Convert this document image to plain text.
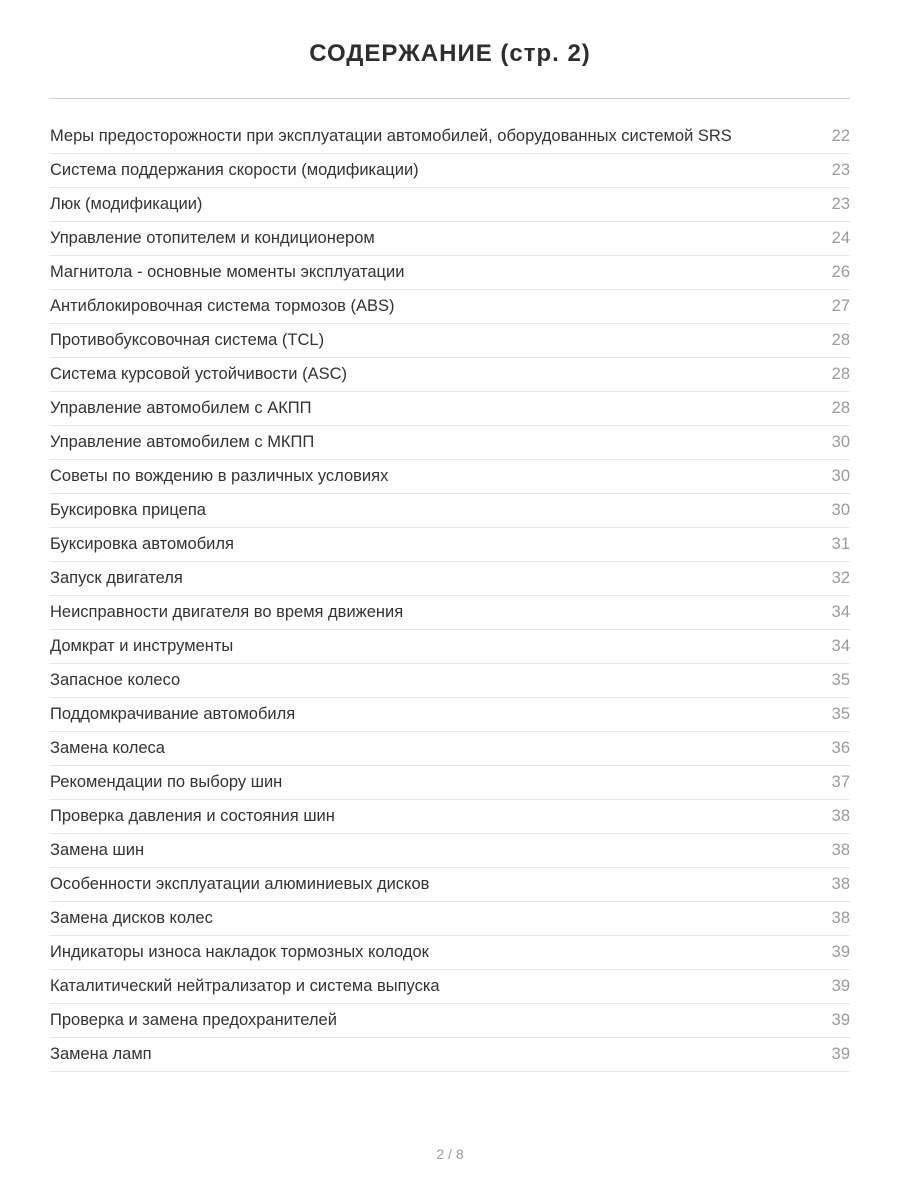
СОДЕРЖАНИЕ (стр. 2)
Меры предосторожности при эксплуатации автомобилей, оборудованных системой SRS	22
Система поддержания скорости (модификации)	23
Люк (модификации)	23
Управление отопителем и кондиционером	24
Магнитола - основные моменты эксплуатации	26
Антиблокировочная система тормозов (ABS)	27
Противобуксовочная система (TCL)	28
Система курсовой устойчивости (ASC)	28
Управление автомобилем с АКПП	28
Управление автомобилем с МКПП	30
Советы по вождению в различных условиях	30
Буксировка прицепа	30
Буксировка автомобиля	31
Запуск двигателя	32
Неисправности двигателя во время движения	34
Домкрат и инструменты	34
Запасное колесо	35
Поддомкрачивание автомобиля	35
Замена колеса	36
Рекомендации по выбору шин	37
Проверка давления и состояния шин	38
Замена шин	38
Особенности эксплуатации алюминиевых дисков	38
Замена дисков колес	38
Индикаторы износа накладок тормозных колодок	39
Каталитический нейтрализатор и система выпуска	39
Проверка и замена предохранителей	39
Замена ламп	39
2 / 8
